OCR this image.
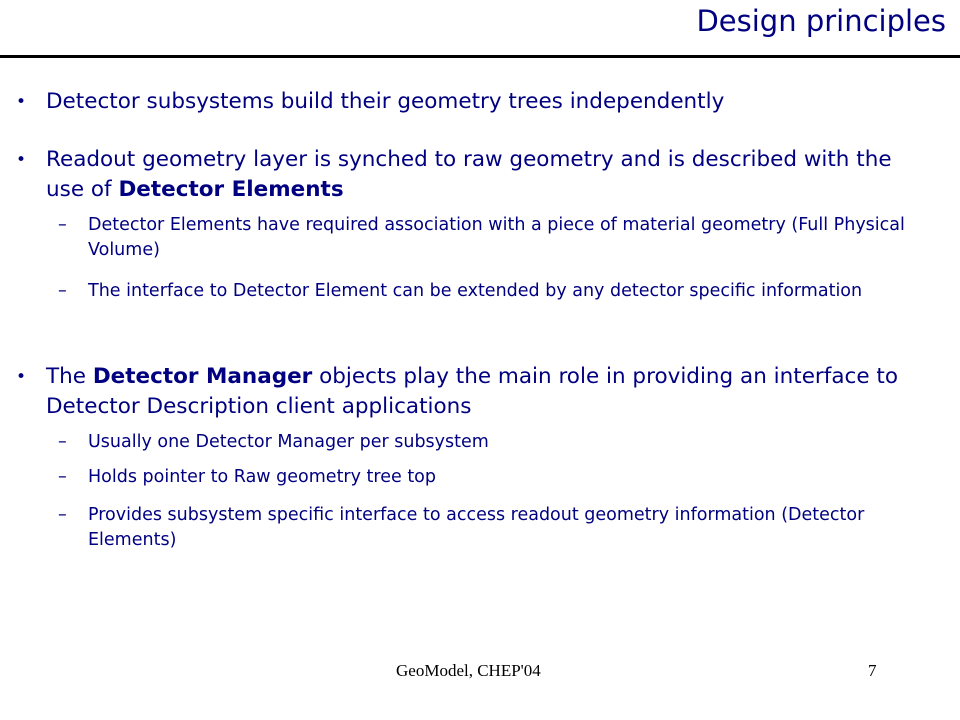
Design principles
• Detector subsystems build their geometry trees independently
• Readout geometry layer is synched to raw geometry and is described with the use of Detector Elements
– Detector Elements have required association with a piece of material geometry (Full Physical Volume)
– The interface to Detector Element can be extended by any detector specific information
• The Detector Manager objects play the main role in providing an interface to Detector Description client applications
– Usually one Detector Manager per subsystem
– Holds pointer to Raw geometry tree top
– Provides subsystem specific interface to access readout geometry information (Detector Elements)
GeoModel, CHEP'04	7
